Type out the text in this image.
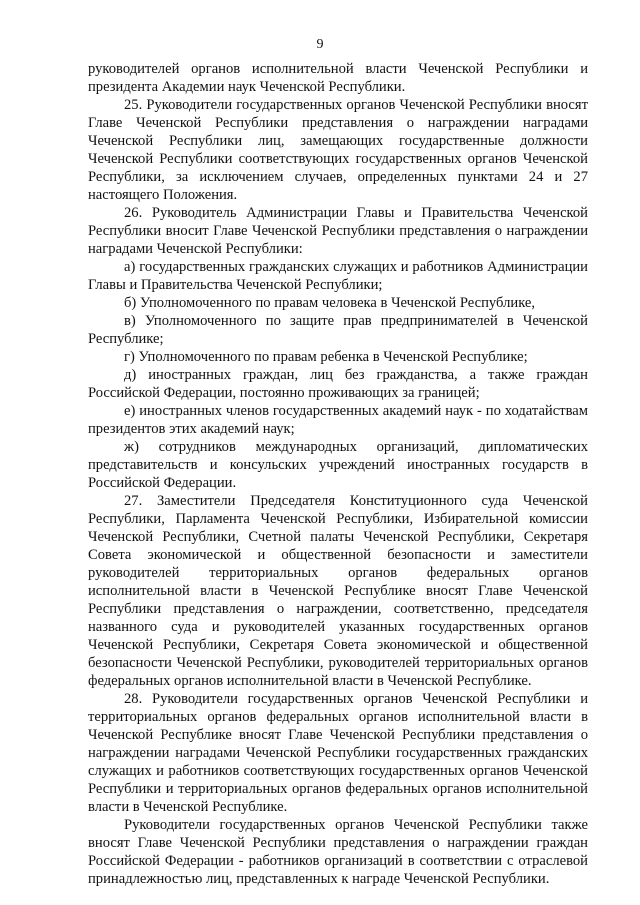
9

руководителей органов исполнительной власти Чеченской Республики и президента Академии наук Чеченской Республики.

25. Руководители государственных органов Чеченской Республики вносят Главе Чеченской Республики представления о награждении наградами Чеченской Республики лиц, замещающих государственные должности Чеченской Республики соответствующих государственных органов Чеченской Республики, за исключением случаев, определенных пунктами 24 и 27 настоящего Положения.

26. Руководитель Администрации Главы и Правительства Чеченской Республики вносит Главе Чеченской Республики представления о награждении наградами Чеченской Республики:

а) государственных гражданских служащих и работников Администрации Главы и Правительства Чеченской Республики;

б) Уполномоченного по правам человека в Чеченской Республике,

в) Уполномоченного по защите прав предпринимателей в Чеченской Республике;

г) Уполномоченного по правам ребенка в Чеченской Республике;

д) иностранных граждан, лиц без гражданства, а также граждан Российской Федерации, постоянно проживающих за границей;

е) иностранных членов государственных академий наук - по ходатайствам президентов этих академий наук;

ж) сотрудников международных организаций, дипломатических представительств и консульских учреждений иностранных государств в Российской Федерации.

27. Заместители Председателя Конституционного суда Чеченской Республики, Парламента Чеченской Республики, Избирательной комиссии Чеченской Республики, Счетной палаты Чеченской Республики, Секретаря Совета экономической и общественной безопасности и заместители руководителей территориальных органов федеральных органов исполнительной власти в Чеченской Республике вносят Главе Чеченской Республики представления о награждении, соответственно, председателя названного суда и руководителей указанных государственных органов Чеченской Республики, Секретаря Совета экономической и общественной безопасности Чеченской Республики, руководителей территориальных органов федеральных органов исполнительной власти в Чеченской Республике.

28. Руководители государственных органов Чеченской Республики и территориальных органов федеральных органов исполнительной власти в Чеченской Республике вносят Главе Чеченской Республики представления о награждении наградами Чеченской Республики государственных гражданских служащих и работников соответствующих государственных органов Чеченской Республики и территориальных органов федеральных органов исполнительной власти в Чеченской Республике.

Руководители государственных органов Чеченской Республики также вносят Главе Чеченской Республики представления о награждении граждан Российской Федерации - работников организаций в соответствии с отраслевой принадлежностью лиц, представленных к награде Чеченской Республики.
